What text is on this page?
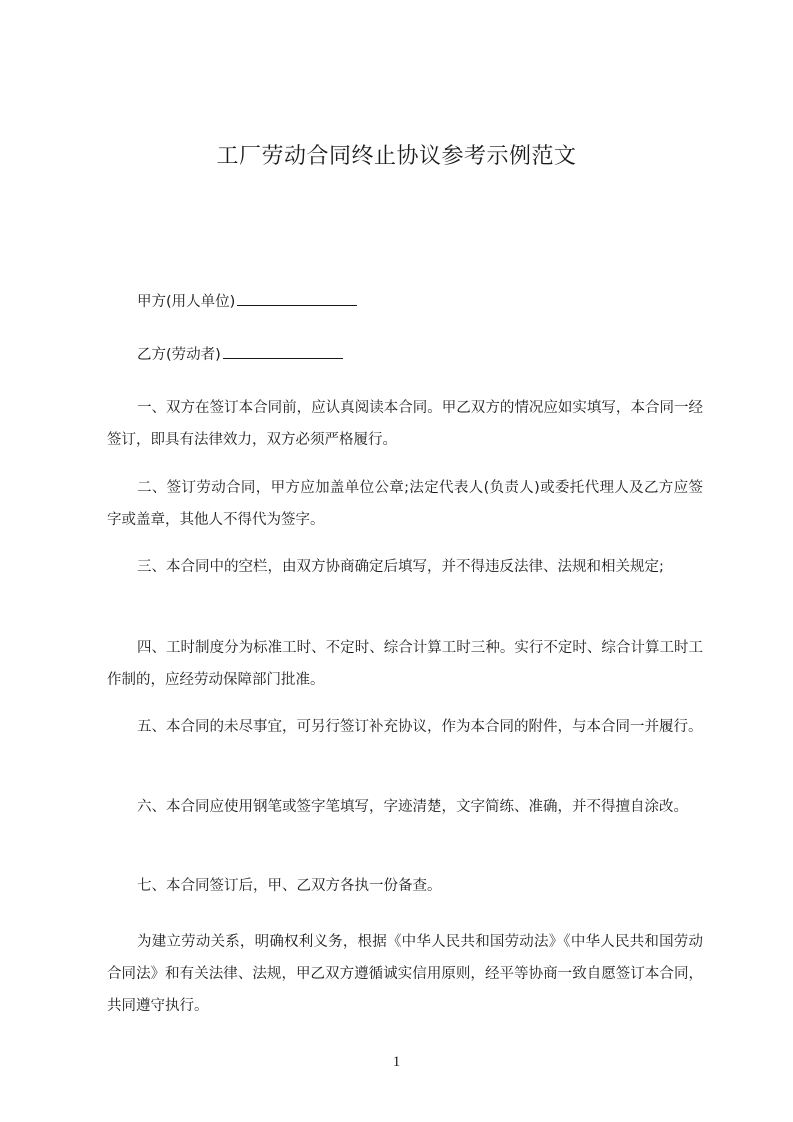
工厂劳动合同终止协议参考示例范文
甲方(用人单位)
乙方(劳动者)
一、双方在签订本合同前，应认真阅读本合同。甲乙双方的情况应如实填写，本合同一经签订，即具有法律效力，双方必须严格履行。
二、签订劳动合同，甲方应加盖单位公章;法定代表人(负责人)或委托代理人及乙方应签字或盖章，其他人不得代为签字。
三、本合同中的空栏，由双方协商确定后填写，并不得违反法律、法规和相关规定;
四、工时制度分为标准工时、不定时、综合计算工时三种。实行不定时、综合计算工时工作制的，应经劳动保障部门批准。
五、本合同的未尽事宜，可另行签订补充协议，作为本合同的附件，与本合同一并履行。
六、本合同应使用钢笔或签字笔填写，字迹清楚，文字简练、准确，并不得擅自涂改。
七、本合同签订后，甲、乙双方各执一份备查。
为建立劳动关系，明确权利义务，根据《中华人民共和国劳动法》《中华人民共和国劳动合同法》和有关法律、法规，甲乙双方遵循诚实信用原则，经平等协商一致自愿签订本合同，共同遵守执行。
1
